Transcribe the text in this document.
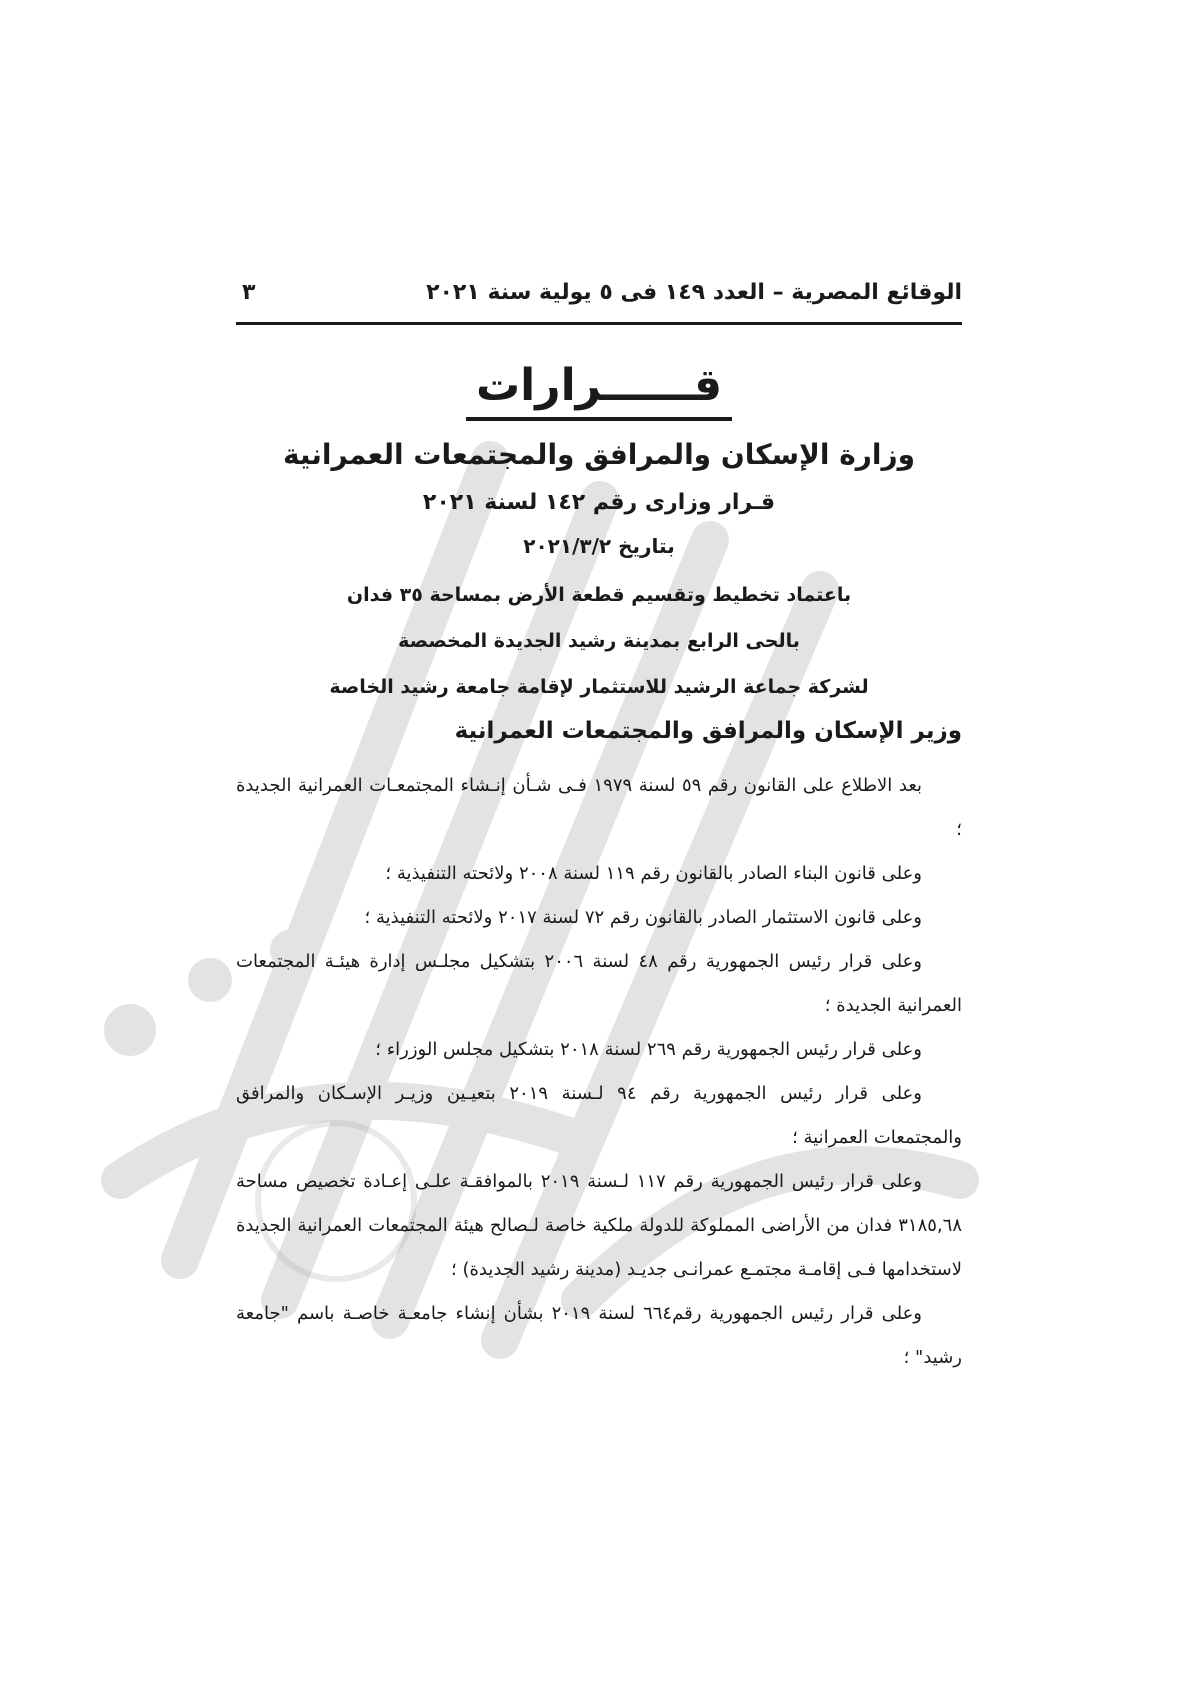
الوقائع المصرية – العدد ١٤٩ فى ٥ يولية سنة ٢٠٢١
٣
قــــــرارات
وزارة الإسكان والمرافق والمجتمعات العمرانية
قـرار وزارى رقم ١٤٢ لسنة ٢٠٢١
بتاريخ ٢٠٢١/٣/٢
باعتماد تخطيط وتقسيم قطعة الأرض بمساحة ٣٥ فدان
بالحى الرابع بمدينة رشيد الجديدة المخصصة
لشركة جماعة الرشيد للاستثمار لإقامة جامعة رشيد الخاصة
وزير الإسكان والمرافق والمجتمعات العمرانية

بعد الاطلاع على القانون رقم ٥٩ لسنة ١٩٧٩ فـى شـأن إنـشاء المجتمعـات العمرانية الجديدة ؛

وعلى قانون البناء الصادر بالقانون رقم ١١٩ لسنة ٢٠٠٨ ولائحته التنفيذية ؛

وعلى قانون الاستثمار الصادر بالقانون رقم ٧٢ لسنة ٢٠١٧ ولائحته التنفيذية ؛

وعلى قرار رئيس الجمهورية رقم ٤٨ لسنة ٢٠٠٦ بتشكيل مجلـس إدارة هيئـة المجتمعات العمرانية الجديدة ؛

وعلى قرار رئيس الجمهورية رقم ٢٦٩ لسنة ٢٠١٨ بتشكيل مجلس الوزراء ؛

وعلى قرار رئيس الجمهورية رقم ٩٤ لـسنة ٢٠١٩ بتعيـين وزيـر الإسـكان والمرافق والمجتمعات العمرانية ؛

وعلى قرار رئيس الجمهورية رقم ١١٧ لـسنة ٢٠١٩ بالموافقـة علـى إعـادة تخصيص مساحة ٣١٨٥,٦٨ فدان من الأراضى المملوكة للدولة ملكية خاصة لـصالح هيئة المجتمعات العمرانية الجديدة لاستخدامها فـى إقامـة مجتمـع عمرانـى جديـد (مدينة رشيد الجديدة) ؛

وعلى قرار رئيس الجمهورية رقم٦٦٤ لسنة ٢٠١٩ بشأن إنشاء جامعـة خاصـة باسم "جامعة رشيد" ؛
